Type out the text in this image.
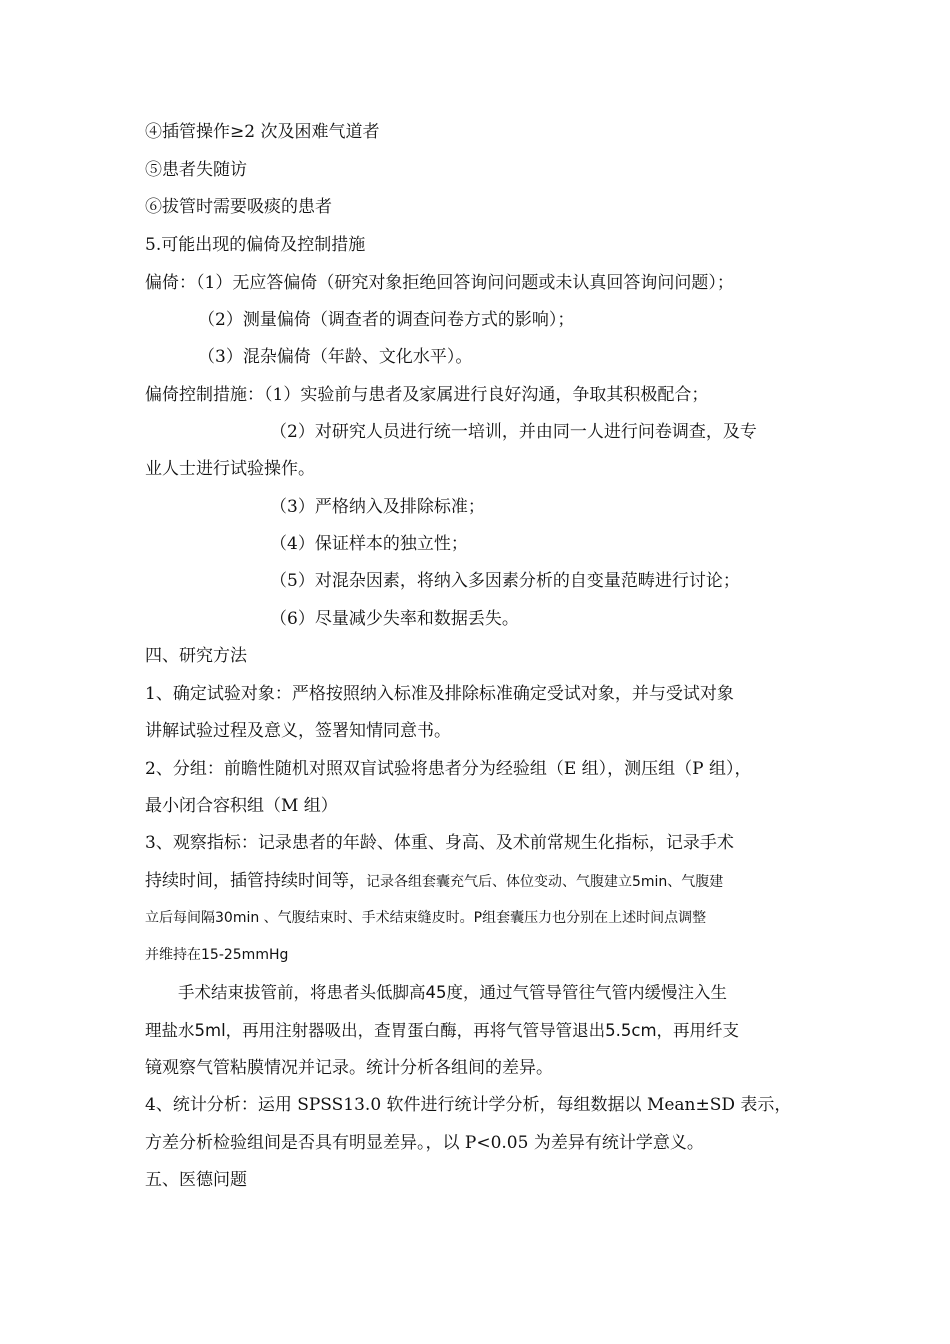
④插管操作≥2 次及困难气道者
⑤患者失随访
⑥拔管时需要吸痰的患者
5.可能出现的偏倚及控制措施
偏倚：（1）无应答偏倚（研究对象拒绝回答询问问题或未认真回答询问问题）；
（2）测量偏倚（调查者的调查问卷方式的影响）；
（3）混杂偏倚（年龄、文化水平）。
偏倚控制措施：（1）实验前与患者及家属进行良好沟通，争取其积极配合；
（2）对研究人员进行统一培训，并由同一人进行问卷调查，及专
业人士进行试验操作。
（3）严格纳入及排除标准；
（4）保证样本的独立性；
（5）对混杂因素，将纳入多因素分析的自变量范畴进行讨论；
（6）尽量减少失率和数据丢失。
四、研究方法
1、确定试验对象：严格按照纳入标准及排除标准确定受试对象，并与受试对象
讲解试验过程及意义，签署知情同意书。
2、分组：前瞻性随机对照双盲试验将患者分为经验组（E 组），测压组（P 组），
最小闭合容积组（M 组）
3、观察指标：记录患者的年龄、体重、身高、及术前常规生化指标，记录手术
持续时间，插管持续时间等，记录各组套囊充气后、体位变动、气腹建立5min、气腹建
立后每间隔30min 、气腹结束时、手术结束缝皮时。P组套囊压力也分别在上述时间点调整
并维持在15-25mmHg
手术结束拔管前，将患者头低脚高45度，通过气管导管往气管内缓慢注入生
理盐水5ml，再用注射器吸出，查胃蛋白酶，再将气管导管退出5.5cm，再用纤支
镜观察气管粘膜情况并记录。统计分析各组间的差异。
4、统计分析：运用 SPSS13.0 软件进行统计学分析，每组数据以 Mean±SD 表示，
方差分析检验组间是否具有明显差异。，以 P<0.05 为差异有统计学意义。
五、医德问题
